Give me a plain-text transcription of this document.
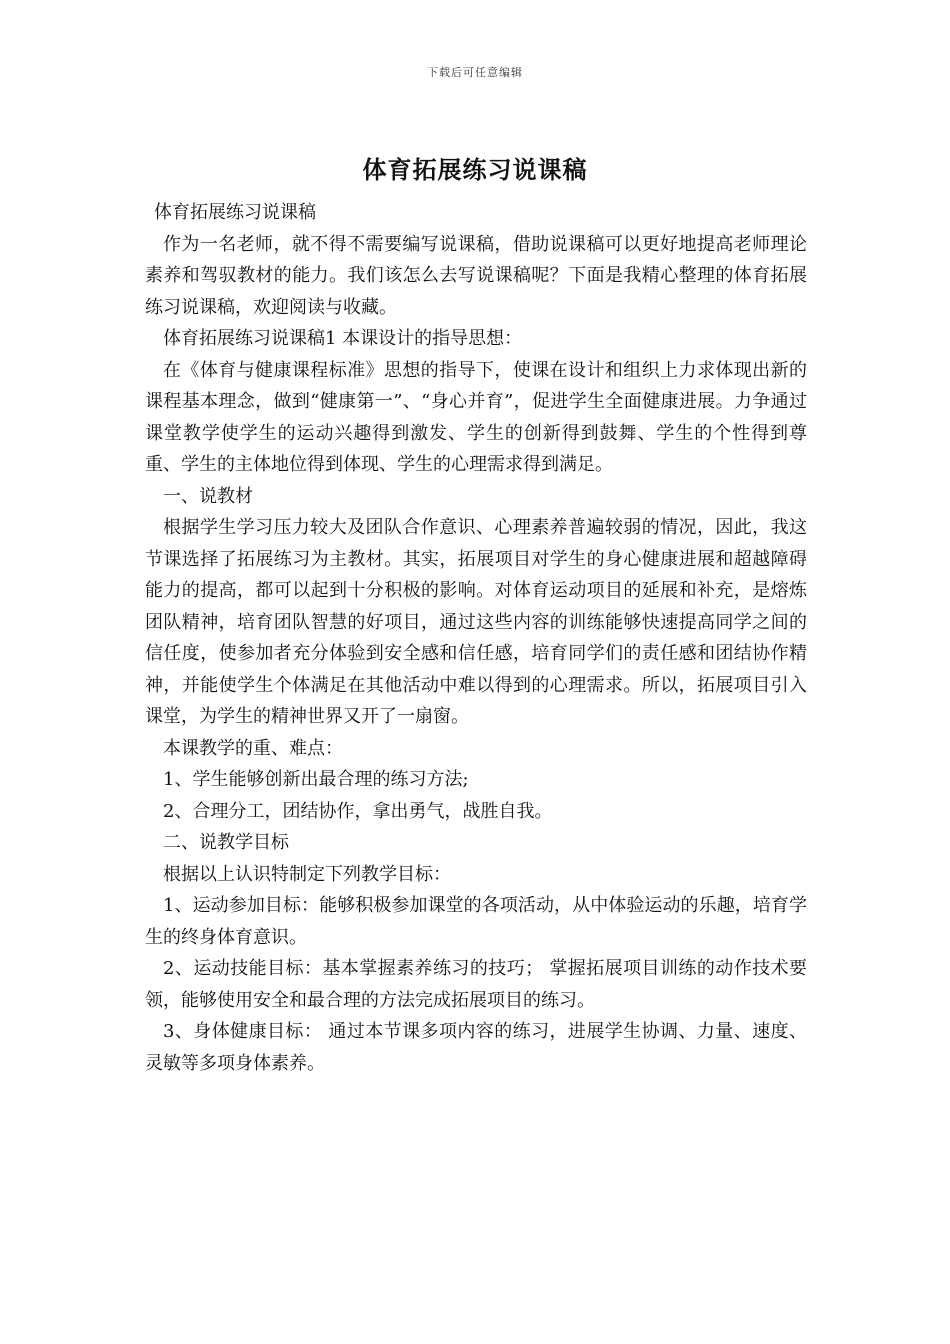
下载后可任意编辑
体育拓展练习说课稿

体育拓展练习说课稿

作为一名老师，就不得不需要编写说课稿，借助说课稿可以更好地提高老师理论素养和驾驭教材的能力。我们该怎么去写说课稿呢？下面是我精心整理的体育拓展练习说课稿，欢迎阅读与收藏。

体育拓展练习说课稿1 本课设计的指导思想：

在《体育与健康课程标准》思想的指导下，使课在设计和组织上力求体现出新的课程基本理念，做到“健康第一”、“身心并育”，促进学生全面健康进展。力争通过课堂教学使学生的运动兴趣得到激发、学生的创新得到鼓舞、学生的个性得到尊重、学生的主体地位得到体现、学生的心理需求得到满足。

一、说教材

根据学生学习压力较大及团队合作意识、心理素养普遍较弱的情况，因此，我这节课选择了拓展练习为主教材。其实，拓展项目对学生的身心健康进展和超越障碍能力的提高，都可以起到十分积极的影响。对体育运动项目的延展和补充，是熔炼团队精神，培育团队智慧的好项目，通过这些内容的训练能够快速提高同学之间的信任度，使参加者充分体验到安全感和信任感，培育同学们的责任感和团结协作精神，并能使学生个体满足在其他活动中难以得到的心理需求。所以，拓展项目引入课堂，为学生的精神世界又开了一扇窗。

本课教学的重、难点：

1、学生能够创新出最合理的练习方法;

2、合理分工，团结协作，拿出勇气，战胜自我。

二、说教学目标

根据以上认识特制定下列教学目标：

1、运动参加目标：能够积极参加课堂的各项活动，从中体验运动的乐趣，培育学生的终身体育意识。

2、运动技能目标：基本掌握素养练习的技巧； 掌握拓展项目训练的动作技术要领，能够使用安全和最合理的方法完成拓展项目的练习。

3、身体健康目标： 通过本节课多项内容的练习，进展学生协调、力量、速度、灵敏等多项身体素养。
